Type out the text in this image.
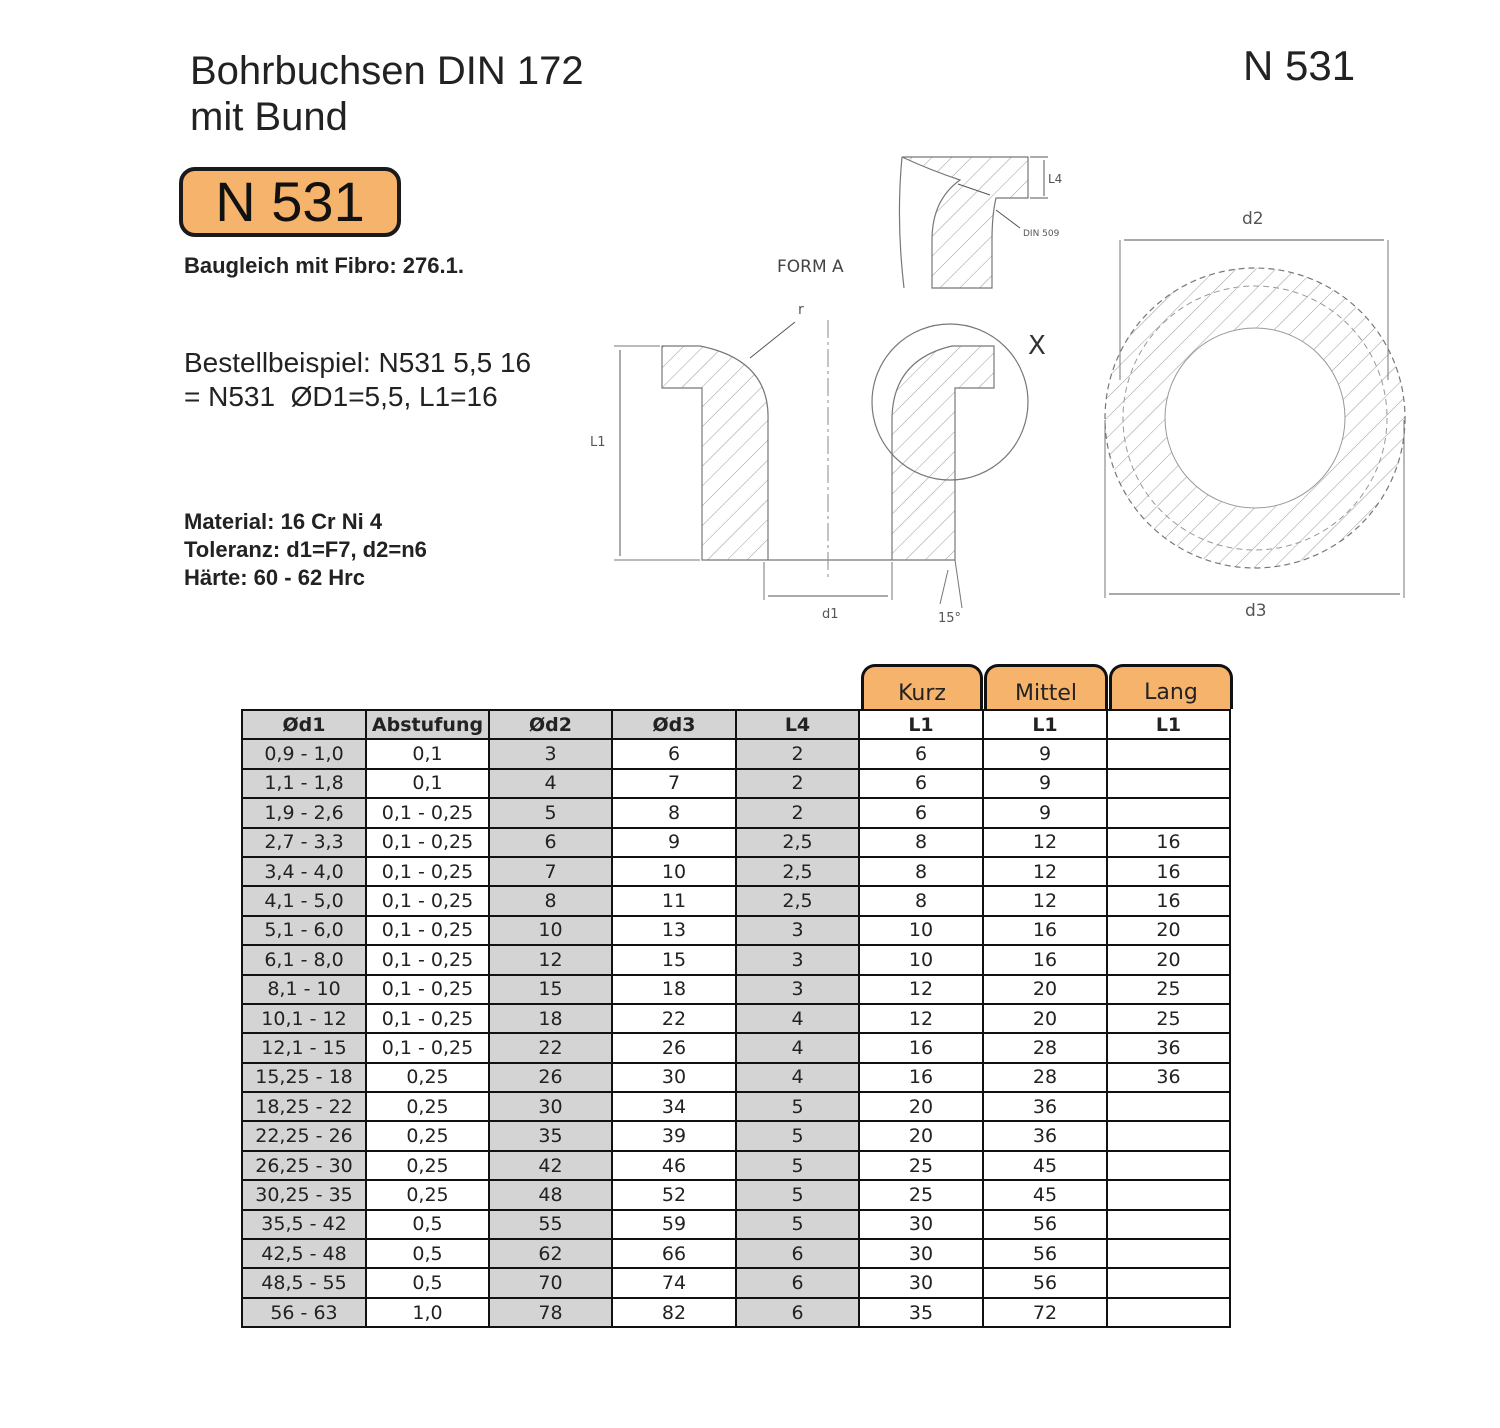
Bohrbuchsen DIN 172
mit Bund
N 531
N 531
Baugleich mit Fibro: 276.1.
Bestellbeispiel: N531 5,5 16
= N531  ØD1=5,5, L1=16
Material: 16 Cr Ni 4
Toleranz: d1=F7, d2=n6
Härte: 60 - 62 Hrc
L4
DIN 509
FORM A
r
X
L1
d1	15°
d2
d3
Kurz	Mittel	Lang
Ød1	Abstufung	Ød2	Ød3	L4	L1	L1	L1
0,9 - 1,0	0,1	3	6	2	6	9	
1,1 - 1,8	0,1	4	7	2	6	9	
1,9 - 2,6	0,1 - 0,25	5	8	2	6	9	
2,7 - 3,3	0,1 - 0,25	6	9	2,5	8	12	16
3,4 - 4,0	0,1 - 0,25	7	10	2,5	8	12	16
4,1 - 5,0	0,1 - 0,25	8	11	2,5	8	12	16
5,1 - 6,0	0,1 - 0,25	10	13	3	10	16	20
6,1 - 8,0	0,1 - 0,25	12	15	3	10	16	20
8,1 - 10	0,1 - 0,25	15	18	3	12	20	25
10,1 - 12	0,1 - 0,25	18	22	4	12	20	25
12,1 - 15	0,1 - 0,25	22	26	4	16	28	36
15,25 - 18	0,25	26	30	4	16	28	36
18,25 - 22	0,25	30	34	5	20	36	
22,25 - 26	0,25	35	39	5	20	36	
26,25 - 30	0,25	42	46	5	25	45	
30,25 - 35	0,25	48	52	5	25	45	
35,5 - 42	0,5	55	59	5	30	56	
42,5 - 48	0,5	62	66	6	30	56	
48,5 - 55	0,5	70	74	6	30	56	
56 - 63	1,0	78	82	6	35	72	
